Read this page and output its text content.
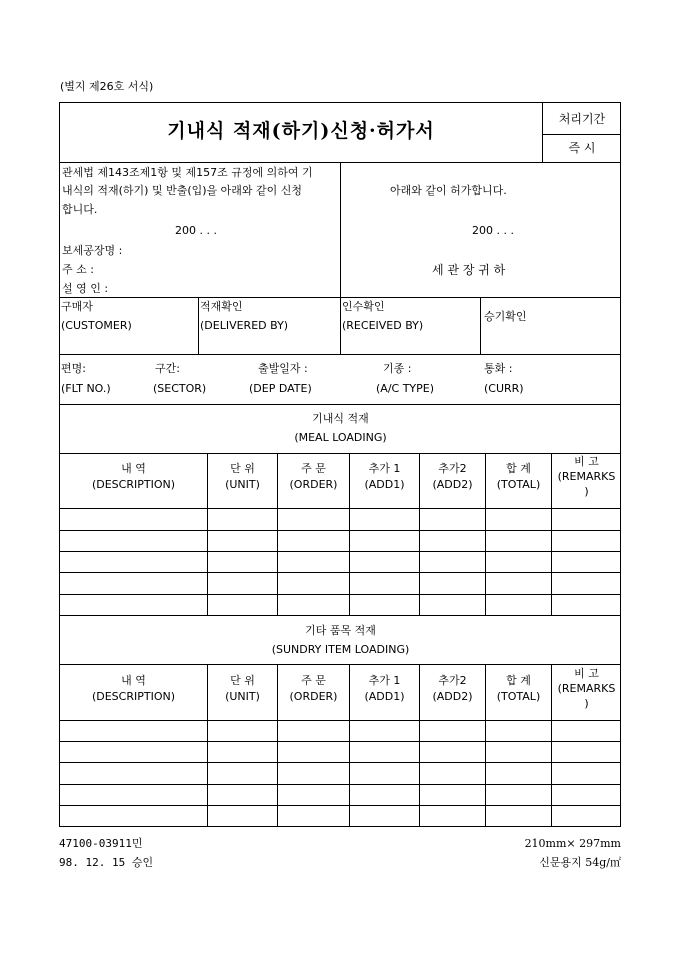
(별지 제26호 서식)
기내식 적재(하기)신청·허가서
처리기간
즉 시
관세법 제143조제1항 및 제157조 규정에 의하여 기
내식의 적재(하기) 및 반출(입)을 아래와 같이 신청
합니다.
200 . . .
보세공장명 :
주 소 :
설 영 인 :
아래와 같이 허가합니다.
200 . . .
세 관 장 귀 하
구매자
(CUSTOMER)
적재확인
(DELIVERED BY)
인수확인
(RECEIVED BY)
승기확인
편명:
(FLT NO.)
구간:
(SECTOR)
출발일자 :
(DEP DATE)
기종 :
(A/C TYPE)
통화 :
(CURR)
기내식 적재
(MEAL LOADING)
내 역
(DESCRIPTION)
단 위
(UNIT)
주 문
(ORDER)
추가 1
(ADD1)
추가2
(ADD2)
합 계
(TOTAL)
비 고
(REMARKS
)
기타 품목 적재
(SUNDRY ITEM LOADING)
내 역
(DESCRIPTION)
단 위
(UNIT)
주 문
(ORDER)
추가 1
(ADD1)
추가2
(ADD2)
합 계
(TOTAL)
비 고
(REMARKS
)
47100-03911민
98. 12. 15 승인
210mm× 297mm
신문용지 54g/㎡
